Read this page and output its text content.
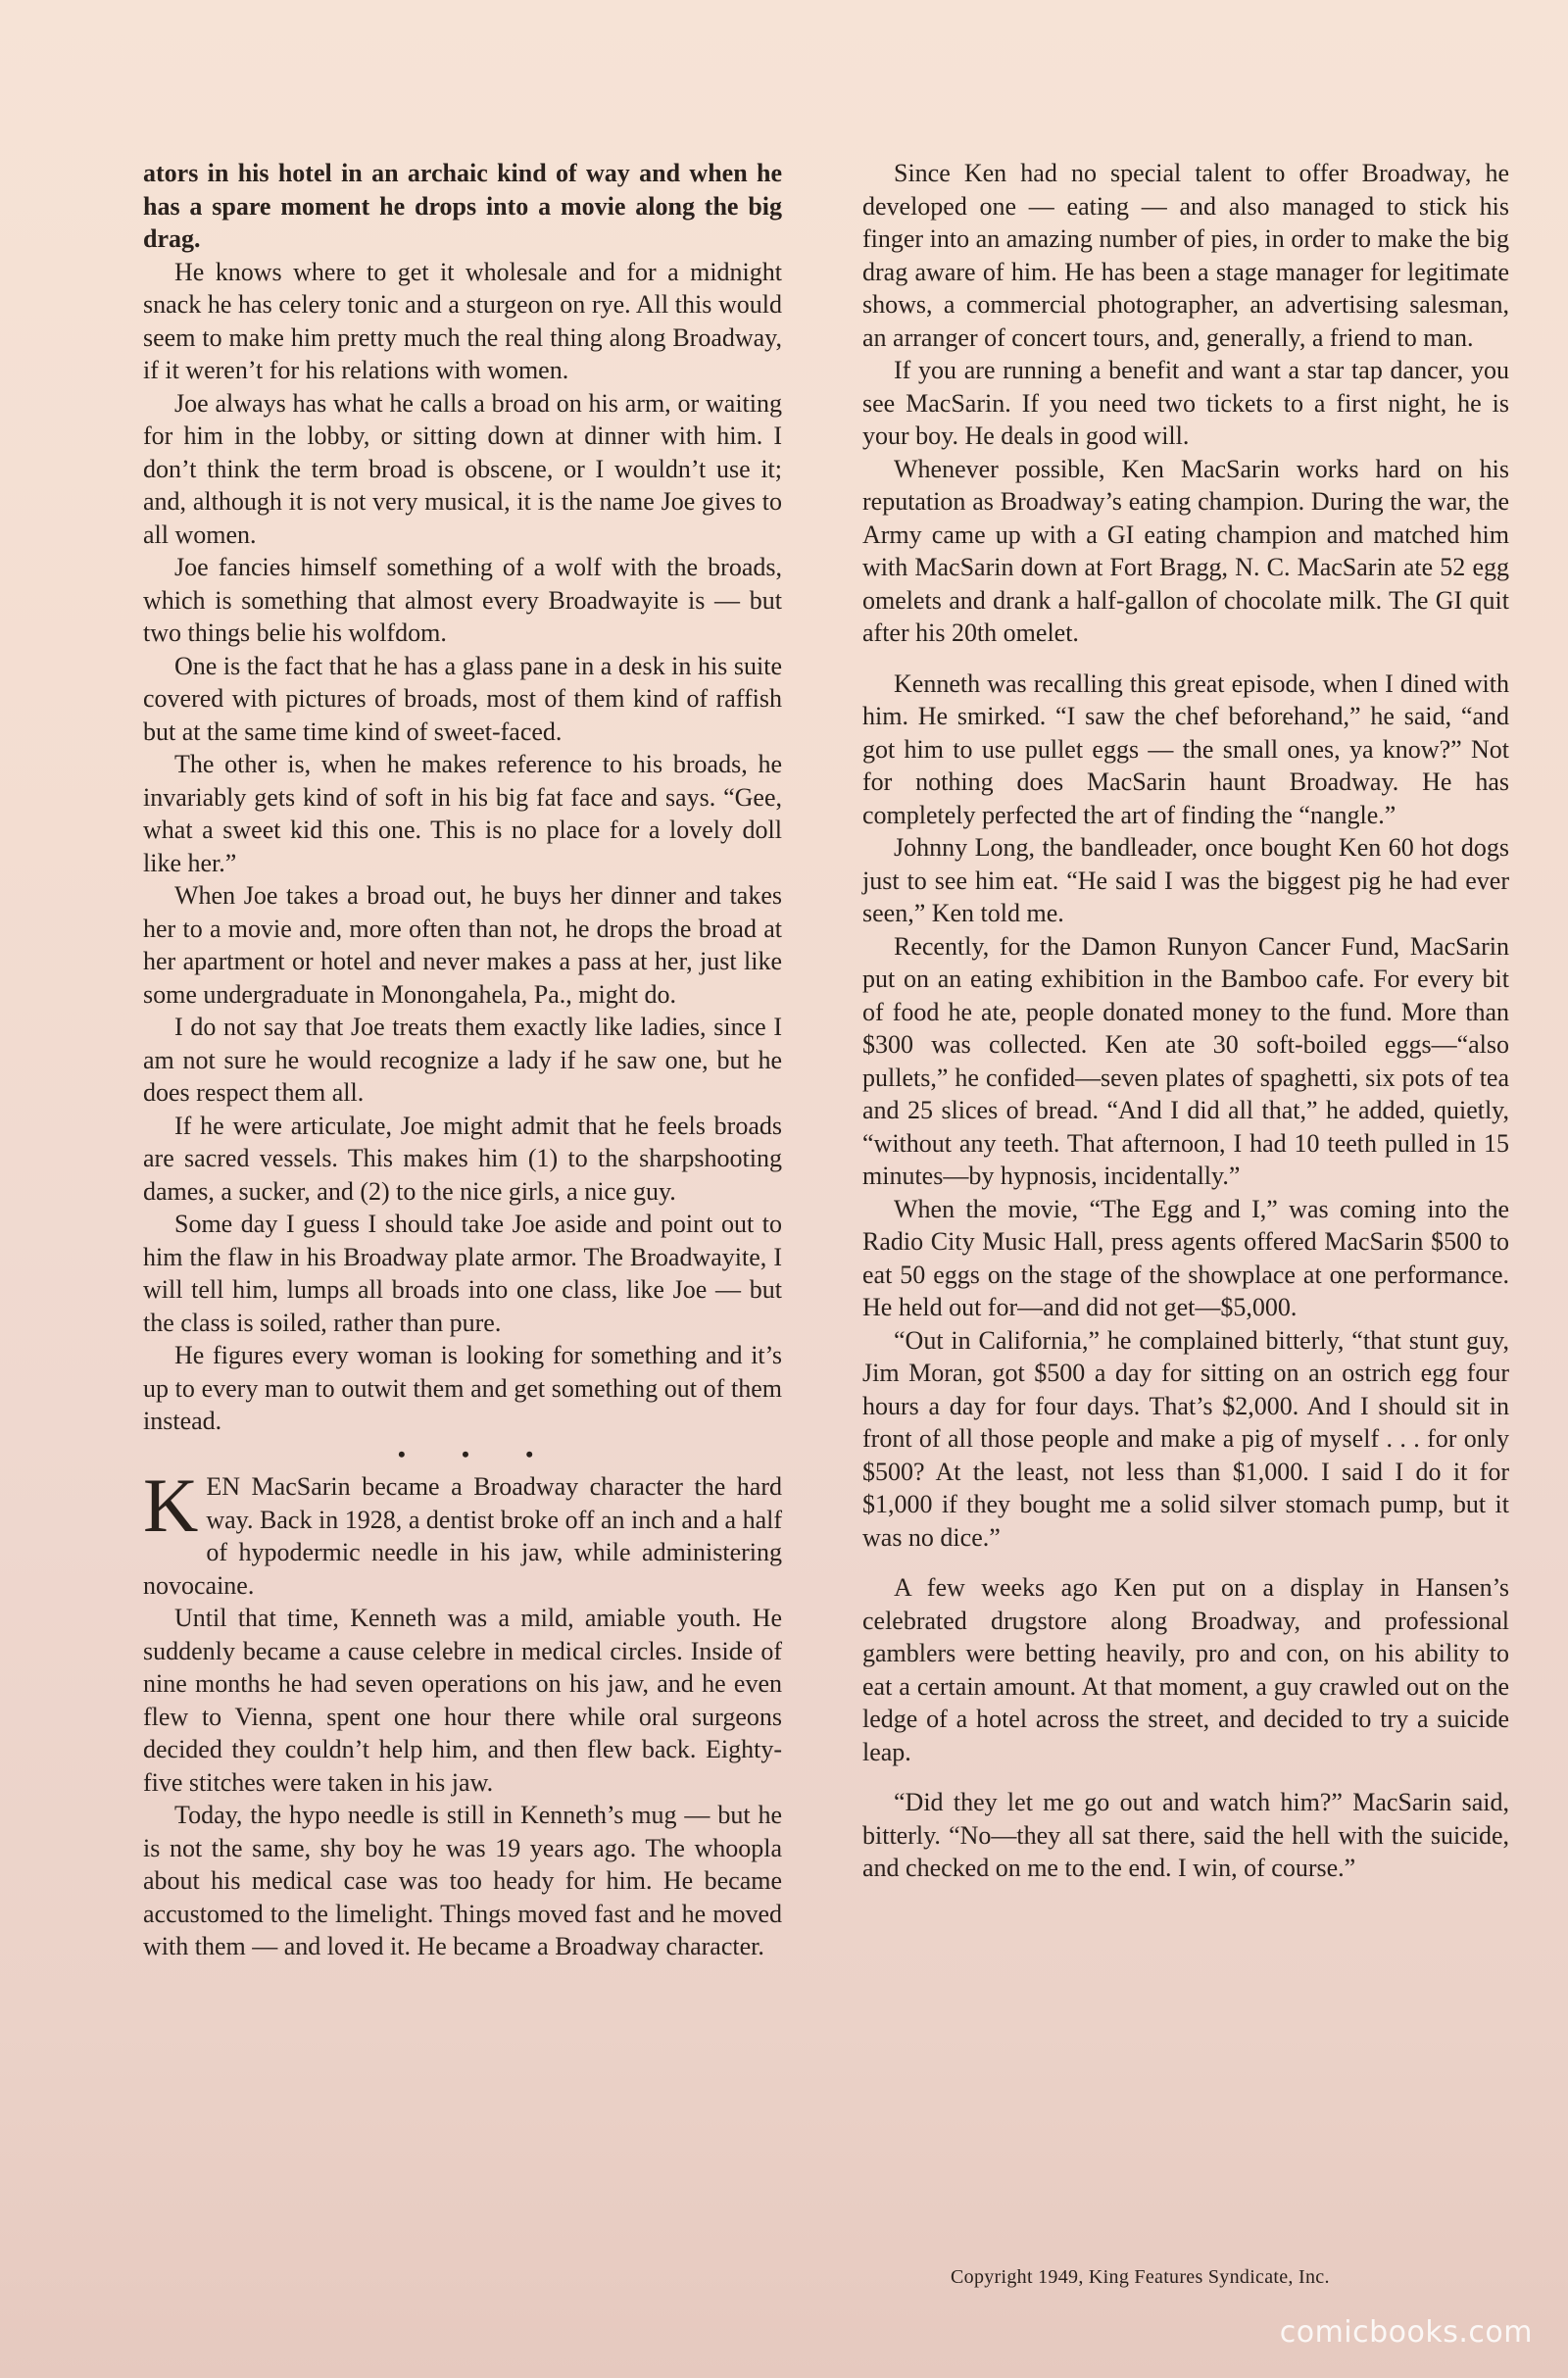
ators in his hotel in an archaic kind of way and when he has a spare moment he drops into a movie along the big drag.

He knows where to get it wholesale and for a midnight snack he has celery tonic and a sturgeon on rye. All this would seem to make him pretty much the real thing along Broadway, if it weren’t for his relations with women.

Joe always has what he calls a broad on his arm, or waiting for him in the lobby, or sitting down at dinner with him. I don’t think the term broad is obscene, or I wouldn’t use it; and, although it is not very musical, it is the name Joe gives to all women.

Joe fancies himself something of a wolf with the broads, which is something that almost every Broadwayite is — but two things belie his wolfdom.

One is the fact that he has a glass pane in a desk in his suite covered with pictures of broads, most of them kind of raffish but at the same time kind of sweet-faced.

The other is, when he makes reference to his broads, he invariably gets kind of soft in his big fat face and says. “Gee, what a sweet kid this one. This is no place for a lovely doll like her.”

When Joe takes a broad out, he buys her dinner and takes her to a movie and, more often than not, he drops the broad at her apartment or hotel and never makes a pass at her, just like some undergraduate in Monongahela, Pa., might do.

I do not say that Joe treats them exactly like ladies, since I am not sure he would recognize a lady if he saw one, but he does respect them all.

If he were articulate, Joe might admit that he feels broads are sacred vessels. This makes him (1) to the sharpshooting dames, a sucker, and (2) to the nice girls, a nice guy.

Some day I guess I should take Joe aside and point out to him the flaw in his Broadway plate armor. The Broadwayite, I will tell him, lumps all broads into one class, like Joe — but the class is soiled, rather than pure.

He figures every woman is looking for something and it’s up to every man to outwit them and get something out of them instead.

• • •

KEN MacSarin became a Broadway character the hard way. Back in 1928, a dentist broke off an inch and a half of hypodermic needle in his jaw, while administering novocaine.

Until that time, Kenneth was a mild, amiable youth. He suddenly became a cause celebre in medical circles. Inside of nine months he had seven operations on his jaw, and he even flew to Vienna, spent one hour there while oral surgeons decided they couldn’t help him, and then flew back. Eighty-five stitches were taken in his jaw.

Today, the hypo needle is still in Kenneth’s mug — but he is not the same, shy boy he was 19 years ago. The whoopla about his medical case was too heady for him. He became accustomed to the limelight. Things moved fast and he moved with them — and loved it. He became a Broadway character.

Since Ken had no special talent to offer Broadway, he developed one — eating — and also managed to stick his finger into an amazing number of pies, in order to make the big drag aware of him. He has been a stage manager for legitimate shows, a commercial photographer, an advertising salesman, an arranger of concert tours, and, generally, a friend to man.

If you are running a benefit and want a star tap dancer, you see MacSarin. If you need two tickets to a first night, he is your boy. He deals in good will.

Whenever possible, Ken MacSarin works hard on his reputation as Broadway’s eating champion. During the war, the Army came up with a GI eating champion and matched him with MacSarin down at Fort Bragg, N. C. MacSarin ate 52 egg omelets and drank a half-gallon of chocolate milk. The GI quit after his 20th omelet.

Kenneth was recalling this great episode, when I dined with him. He smirked. “I saw the chef beforehand,” he said, “and got him to use pullet eggs — the small ones, ya know?” Not for nothing does MacSarin haunt Broadway. He has completely perfected the art of finding the “nangle.”

Johnny Long, the bandleader, once bought Ken 60 hot dogs just to see him eat. “He said I was the biggest pig he had ever seen,” Ken told me.

Recently, for the Damon Runyon Cancer Fund, MacSarin put on an eating exhibition in the Bamboo cafe. For every bit of food he ate, people donated money to the fund. More than $300 was collected. Ken ate 30 soft-boiled eggs—“also pullets,” he confided—seven plates of spaghetti, six pots of tea and 25 slices of bread. “And I did all that,” he added, quietly, “without any teeth. That afternoon, I had 10 teeth pulled in 15 minutes—by hypnosis, incidentally.”

When the movie, “The Egg and I,” was coming into the Radio City Music Hall, press agents offered MacSarin $500 to eat 50 eggs on the stage of the showplace at one performance. He held out for—and did not get—$5,000.

“Out in California,” he complained bitterly, “that stunt guy, Jim Moran, got $500 a day for sitting on an ostrich egg four hours a day for four days. That’s $2,000. And I should sit in front of all those people and make a pig of myself . . . for only $500? At the least, not less than $1,000. I said I do it for $1,000 if they bought me a solid silver stomach pump, but it was no dice.”

A few weeks ago Ken put on a display in Hansen’s celebrated drugstore along Broadway, and professional gamblers were betting heavily, pro and con, on his ability to eat a certain amount. At that moment, a guy crawled out on the ledge of a hotel across the street, and decided to try a suicide leap.

“Did they let me go out and watch him?” MacSarin said, bitterly. “No—they all sat there, said the hell with the suicide, and checked on me to the end. I win, of course.”

Copyright 1949, King Features Syndicate, Inc.
comicbooks.com
